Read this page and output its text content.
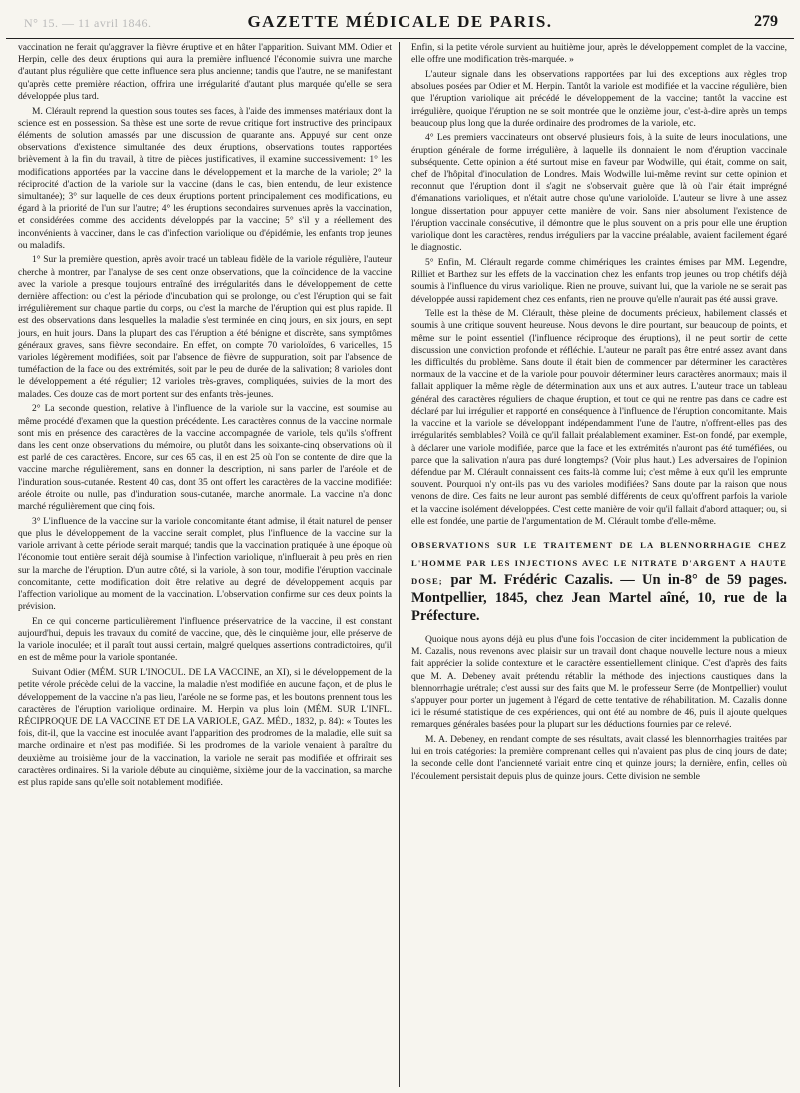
N° 15. — 11 avril 1846.	GAZETTE MÉDICALE DE PARIS.	279

vaccination ne ferait qu'aggraver la fièvre éruptive et en hâter l'apparition. Suivant MM. Odier et Herpin, celle des deux éruptions qui aura la première influencé l'économie suivra une marche d'autant plus régulière que cette influence sera plus ancienne; tandis que l'autre, ne se manifestant qu'après cette première réaction, offrira une irrégularité d'autant plus marquée qu'elle se sera développée plus tard.

M. Clérault reprend la question sous toutes ses faces, à l'aide des immenses matériaux dont la science est en possession. Sa thèse est une sorte de revue critique fort instructive des principaux éléments de solution amassés par une discussion de quarante ans. Appuyé sur cent onze observations d'existence simultanée des deux éruptions, observations toutes rapportées brièvement à la fin du travail, à titre de pièces justificatives, il examine successivement: 1° les modifications apportées par la vaccine dans le développement et la marche de la variole; 2° la réciprocité d'action de la variole sur la vaccine (dans le cas, bien entendu, de leur existence simultanée); 3° sur laquelle de ces deux éruptions portent principalement ces modifications, eu égard à la priorité de l'un sur l'autre; 4° les éruptions secondaires survenues après la vaccination, et considérées comme des accidents développés par la vaccine; 5° s'il y a réellement des inconvénients à vacciner, dans le cas d'infection variolique ou d'épidémie, les enfants trop jeunes ou maladifs.

1° Sur la première question, après avoir tracé un tableau fidèle de la variole régulière, l'auteur cherche à montrer, par l'analyse de ses cent onze observations, que la coïncidence de la vaccine avec la variole a presque toujours entraîné des irrégularités dans le développement de cette dernière affection: ou c'est la période d'incubation qui se prolonge, ou c'est l'éruption qui se fait irrégulièrement sur chaque partie du corps, ou c'est la marche de l'éruption qui est plus rapide. Il est des observations dans lesquelles la maladie s'est terminée en cinq jours, en six jours, en sept jours, en huit jours. Dans la plupart des cas l'éruption a été bénigne et discrète, sans symptômes généraux graves, sans fièvre secondaire. En effet, on compte 70 varioloïdes, 6 varicelles, 15 varioles légèrement modifiées, soit par l'absence de fièvre de suppuration, soit par l'absence de tuméfaction de la face ou des extrémités, soit par le peu de durée de la salivation; 8 varioles dont le développement a été régulier; 12 varioles très-graves, compliquées, suivies de la mort des malades. Ces douze cas de mort portent sur des enfants très-jeunes.

2° La seconde question, relative à l'influence de la variole sur la vaccine, est soumise au même procédé d'examen que la question précédente. Les caractères connus de la vaccine normale sont mis en présence des caractères de la vaccine accompagnée de variole, tels qu'ils s'offrent dans les cent onze observations du mémoire, ou plutôt dans les soixante-cinq observations où il est parlé de ces caractères. Encore, sur ces 65 cas, il en est 25 où l'on se contente de dire que la vaccine marche régulièrement, sans en donner la description, ni sans parler de l'aréole et de l'induration sous-cutanée. Restent 40 cas, dont 35 ont offert les caractères de la vaccine modifiée: aréole étroite ou nulle, pas d'induration sous-cutanée, marche anormale. La vaccine n'a donc marché régulièrement que cinq fois.

3° L'influence de la vaccine sur la variole concomitante étant admise, il était naturel de penser que plus le développement de la vaccine serait complet, plus l'influence de la vaccine sur la variole arrivant à cette période serait marqué; tandis que la vaccination pratiquée à une époque où l'économie tout entière serait déjà soumise à l'infection variolique, n'influerait à peu près en rien sur la marche de l'éruption. D'un autre côté, si la variole, à son tour, modifie l'éruption vaccinale concomitante, cette modification doit être relative au degré de développement acquis par l'affection variolique au moment de la vaccination. L'observation confirme sur ces deux points la prévision.

En ce qui concerne particulièrement l'influence préservatrice de la vaccine, il est constant aujourd'hui, depuis les travaux du comité de vaccine, que, dès le cinquième jour, elle préserve de la variole inoculée; et il paraît tout aussi certain, malgré quelques assertions contradictoires, qu'il en est de même pour la variole spontanée.

Suivant Odier (MÉM. SUR L'INOCUL. DE LA VACCINE, an XI), si le développement de la petite vérole précède celui de la vaccine, la maladie n'est modifiée en aucune façon, et de plus le développement de la vaccine n'a pas lieu, l'aréole ne se forme pas, et les boutons prennent tous les caractères de l'éruption variolique ordinaire. M. Herpin va plus loin (MÉM. SUR L'INFL. RÉCIPROQUE DE LA VACCINE ET DE LA VARIOLE, GAZ. MÉD., 1832, p. 84): « Toutes les fois, dit-il, que la vaccine est inoculée avant l'apparition des prodromes de la maladie, elle suit sa marche ordinaire et n'est pas modifiée. Si les prodromes de la variole venaient à paraître du deuxième au troisième jour de la vaccination, la variole ne serait pas modifiée et offrirait ses caractères ordinaires. Si la variole débute au cinquième, sixième jour de la vaccination, sa marche est plus rapide sans qu'elle soit notablement modifiée.

Enfin, si la petite vérole survient au huitième jour, après le développement complet de la vaccine, elle offre une modification très-marquée. »

L'auteur signale dans les observations rapportées par lui des exceptions aux règles trop absolues posées par Odier et M. Herpin. Tantôt la variole est modifiée et la vaccine régulière, bien que l'éruption variolique ait précédé le développement de la vaccine; tantôt la vaccine est irrégulière, quoique l'éruption ne se soit montrée que le onzième jour, c'est-à-dire après un temps beaucoup plus long que la durée ordinaire des prodromes de la variole, etc.

4° Les premiers vaccinateurs ont observé plusieurs fois, à la suite de leurs inoculations, une éruption générale de forme irrégulière, à laquelle ils donnaient le nom d'éruption vaccinale subséquente. Cette opinion a été surtout mise en faveur par Wodwille, qui était, comme on sait, chef de l'hôpital d'inoculation de Londres. Mais Wodwille lui-même revint sur cette opinion et reconnut que l'éruption dont il s'agit ne s'observait guère que là où l'air était imprégné d'émanations varioliques, et n'était autre chose qu'une varioloïde. L'auteur se livre à une assez longue dissertation pour appuyer cette manière de voir. Sans nier absolument l'existence de l'éruption vaccinale consécutive, il démontre que le plus souvent on a pris pour elle une éruption variolique dont les caractères, rendus irréguliers par la vaccine préalable, avaient facilement égaré le diagnostic.

5° Enfin, M. Clérault regarde comme chimériques les craintes émises par MM. Legendre, Rilliet et Barthez sur les effets de la vaccination chez les enfants trop jeunes ou trop chétifs déjà soumis à l'influence du virus variolique. Rien ne prouve, suivant lui, que la variole ne se serait pas développée aussi rapidement chez ces enfants, rien ne prouve qu'elle n'aurait pas été aussi grave.

Telle est la thèse de M. Clérault, thèse pleine de documents précieux, habilement classés et soumis à une critique souvent heureuse. Nous devons le dire pourtant, sur beaucoup de points, et même sur le point essentiel (l'influence réciproque des éruptions), il ne peut sortir de cette discussion une conviction profonde et réfléchie. L'auteur ne paraît pas être entré assez avant dans les difficultés du problème. Sans doute il était bien de commencer par déterminer les caractères normaux de la vaccine et de la variole pour pouvoir déterminer leurs caractères anormaux; mais il fallait appliquer la même règle de détermination aux uns et aux autres. L'auteur trace un tableau général des caractères réguliers de chaque éruption, et tout ce qui ne rentre pas dans ce cadre est déclaré par lui irrégulier et rapporté en conséquence à l'influence de l'éruption concomitante. Mais la vaccine et la variole se développant indépendamment l'une de l'autre, n'offrent-elles pas des irrégularités semblables? Voilà ce qu'il fallait préalablement examiner. Est-on fondé, par exemple, à déclarer une variole modifiée, parce que la face et les extrémités n'auront pas été tuméfiées, ou parce que la salivation n'aura pas duré longtemps? (Voir plus haut.) Les adversaires de l'opinion défendue par M. Clérault connaissent ces faits-là comme lui; c'est même à eux qu'il les emprunte souvent. Pourquoi n'y ont-ils pas vu des varioles modifiées? Sans doute par la raison que nous venons de dire. Ces faits ne leur auront pas semblé différents de ceux qu'offrent parfois la variole et la vaccine isolément développées. C'est cette manière de voir qu'il fallait d'abord attaquer; ou, si elle est fondée, une partie de l'argumentation de M. Clérault tombe d'elle-même.

OBSERVATIONS SUR LE TRAITEMENT DE LA BLENNORRHAGIE CHEZ L'HOMME PAR LES INJECTIONS AVEC LE NITRATE D'ARGENT A HAUTE DOSE; par M. Frédéric Cazalis. — Un in-8° de 59 pages. Montpellier, 1845, chez Jean Martel aîné, 10, rue de la Préfecture.

Quoique nous ayons déjà eu plus d'une fois l'occasion de citer incidemment la publication de M. Cazalis, nous revenons avec plaisir sur un travail dont chaque nouvelle lecture nous a mieux fait apprécier la solide contexture et le caractère essentiellement clinique. C'est d'après des faits que M. A. Debeney avait prétendu rétablir la méthode des injections caustiques dans la blennorrhagie urétrale; c'est aussi sur des faits que M. le professeur Serre (de Montpellier) voulut s'appuyer pour porter un jugement à l'égard de cette tentative de réhabilitation. M. Cazalis donne ici le résumé statistique de ces expériences, qui ont été au nombre de 46, puis il ajoute quelques remarques générales basées pour la plupart sur les déductions fournies par ce relevé.

M. A. Debeney, en rendant compte de ses résultats, avait classé les blennorrhagies traitées par lui en trois catégories: la première comprenant celles qui n'avaient pas plus de cinq jours de date; la seconde celle dont l'ancienneté variait entre cinq et quinze jours; la dernière, enfin, celles où l'écoulement persistait depuis plus de quinze jours. Cette division ne semble
